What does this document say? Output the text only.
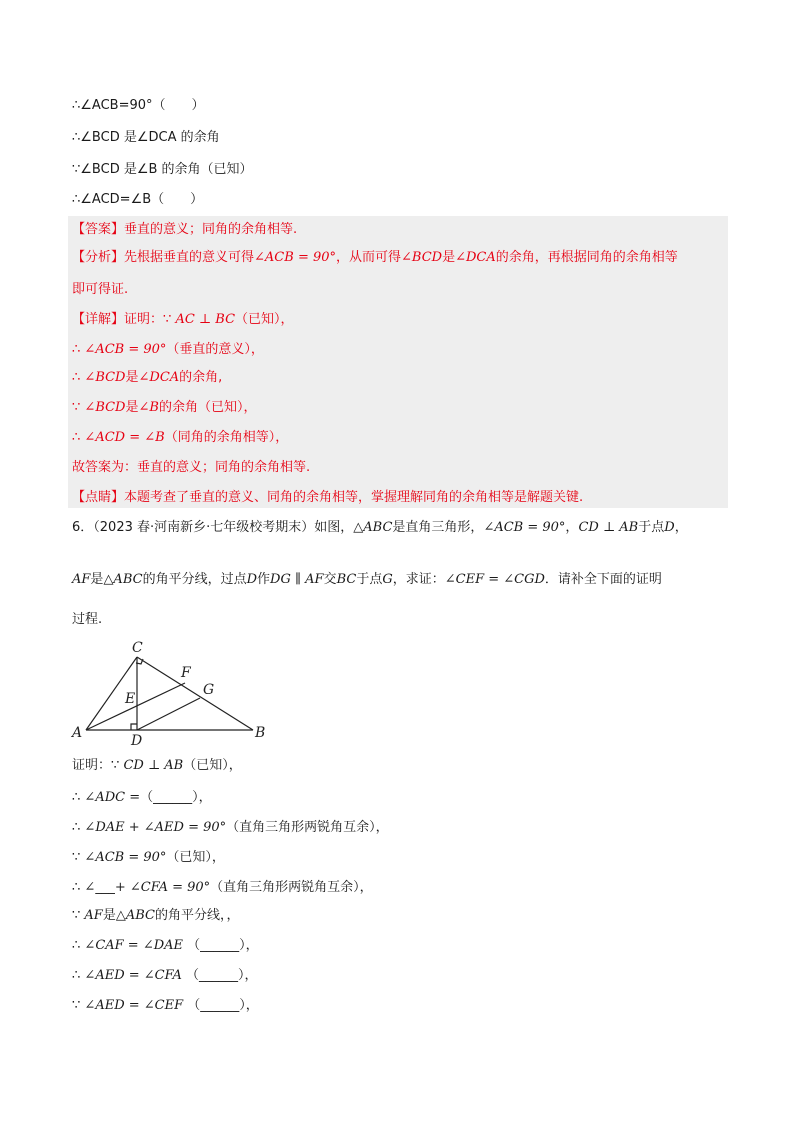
∴∠ACB=90°（　　）
∴∠BCD 是∠DCA 的余角
∵∠BCD 是∠B 的余角（已知）
∴∠ACD=∠B（　　）
【答案】垂直的意义；同角的余角相等.
【分析】先根据垂直的意义可得∠ACB = 90°，从而可得∠BCD是∠DCA的余角，再根据同角的余角相等
即可得证.
【详解】证明：∵ AC ⊥ BC（已知），
∴ ∠ACB = 90°（垂直的意义），
∴ ∠BCD是∠DCA的余角,
∵ ∠BCD是∠B的余角（已知），
∴ ∠ACD = ∠B（同角的余角相等），
故答案为：垂直的意义；同角的余角相等.
【点睛】本题考查了垂直的意义、同角的余角相等，掌握理解同角的余角相等是解题关键.
6．（2023 春·河南新乡·七年级校考期末）如图，△ABC是直角三角形，∠ACB = 90°，CD ⊥ AB于点D，
AF是△ABC的角平分线，过点D作DG ∥ AF交BC于点G，求证：∠CEF = ∠CGD．请补全下面的证明
过程.
C
F
G
E
A	D	B
证明：∵ CD ⊥ AB（已知），
∴ ∠ADC =（______），
∴ ∠DAE + ∠AED = 90°（直角三角形两锐角互余），
∵ ∠ACB = 90°（已知），
∴ ∠___+ ∠CFA = 90°（直角三角形两锐角互余），
∵ AF是△ABC的角平分线，，
∴ ∠CAF = ∠DAE （______），
∴ ∠AED = ∠CFA （______），
∵ ∠AED = ∠CEF （______），
